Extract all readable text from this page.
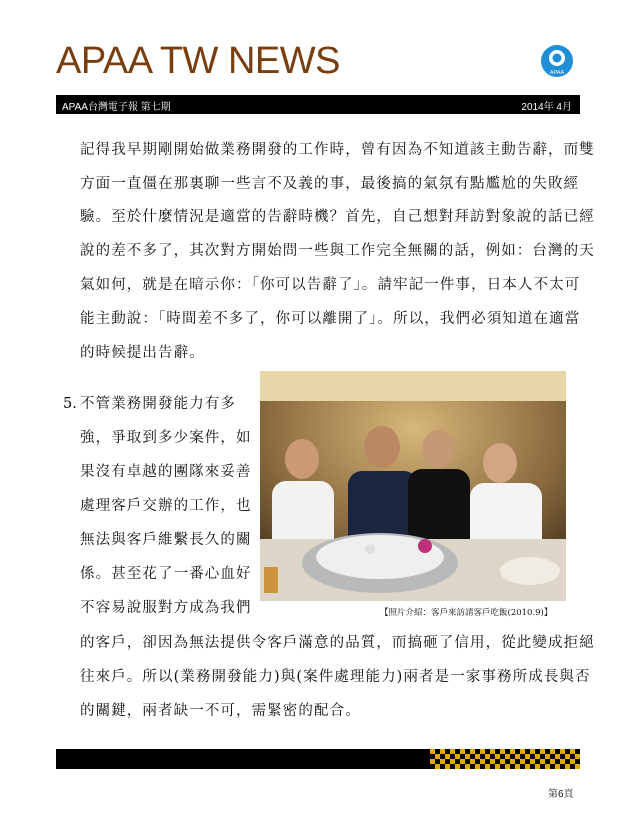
APAA TW NEWS	APAA
APAA台灣電子報 第七期	2014年 4月
記得我早期剛開始做業務開發的工作時，曾有因為不知道該主動告辭，而雙
方面一直僵在那裏聊一些言不及義的事，最後搞的氣氛有點尷尬的失敗經
驗。至於什麼情況是適當的告辭時機？首先，自己想對拜訪對象說的話已經
說的差不多了，其次對方開始問一些與工作完全無關的話，例如：台灣的天
氣如何，就是在暗示你：「你可以告辭了」。請牢記一件事，日本人不太可
能主動說：「時間差不多了，你可以離開了」。所以，我們必須知道在適當
的時候提出告辭。
5. 不管業務開發能力有多
強，爭取到多少案件，如
果沒有卓越的團隊來妥善
處理客戶交辦的工作，也
無法與客戶維繫長久的關
係。甚至花了一番心血好
不容易說服對方成為我們
的客戶，卻因為無法提供令客戶滿意的品質，而搞砸了信用，從此變成拒絕
往來戶。所以(業務開發能力)與(案件處理能力)兩者是一家事務所成長與否
的關鍵，兩者缺一不可，需緊密的配合。
【照片介紹：客戶來訪請客戶吃飯(2010.9)】
第6頁
